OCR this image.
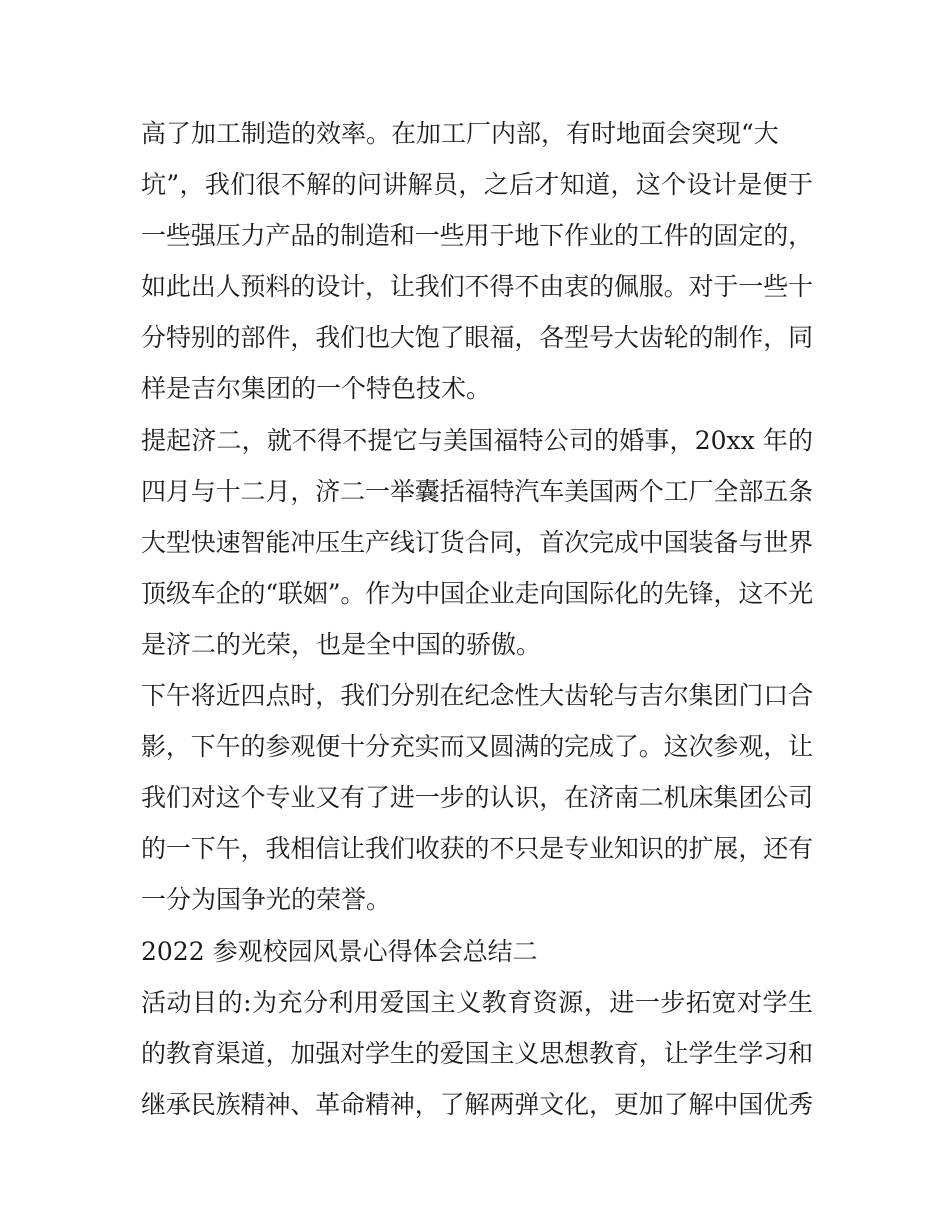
高了加工制造的效率。在加工厂内部，有时地面会突现“大
坑”，我们很不解的问讲解员，之后才知道，这个设计是便于
一些强压力产品的制造和一些用于地下作业的工件的固定的，
如此出人预料的设计，让我们不得不由衷的佩服。对于一些十
分特别的部件，我们也大饱了眼福，各型号大齿轮的制作，同
样是吉尔集团的一个特色技术。
提起济二，就不得不提它与美国福特公司的婚事，20xx 年的
四月与十二月，济二一举囊括福特汽车美国两个工厂全部五条
大型快速智能冲压生产线订货合同，首次完成中国装备与世界
顶级车企的“联姻”。作为中国企业走向国际化的先锋，这不光
是济二的光荣，也是全中国的骄傲。
下午将近四点时，我们分别在纪念性大齿轮与吉尔集团门口合
影，下午的参观便十分充实而又圆满的完成了。这次参观，让
我们对这个专业又有了进一步的认识，在济南二机床集团公司
的一下午，我相信让我们收获的不只是专业知识的扩展，还有
一分为国争光的荣誉。
2022 参观校园风景心得体会总结二
活动目的:为充分利用爱国主义教育资源，进一步拓宽对学生
的教育渠道，加强对学生的爱国主义思想教育，让学生学习和
继承民族精神、革命精神，了解两弹文化，更加了解中国优秀
